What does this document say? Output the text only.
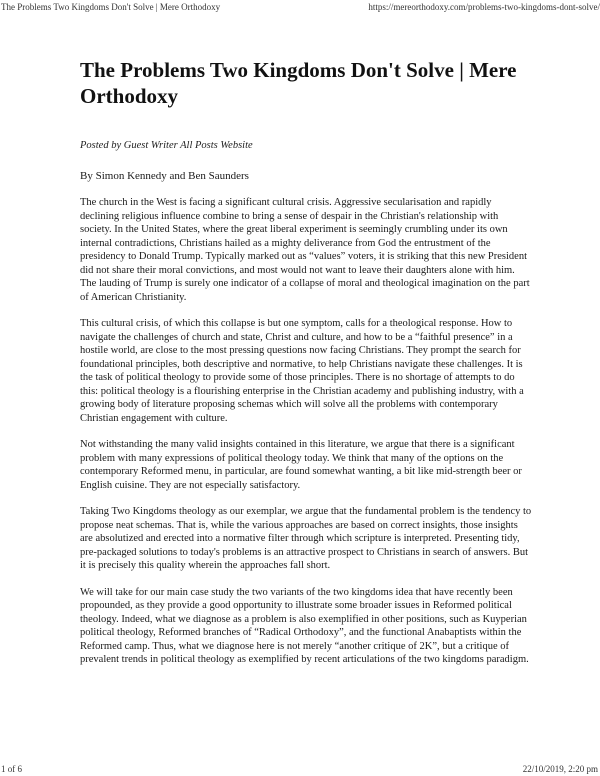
The Problems Two Kingdoms Don't Solve | Mere Orthodoxy	https://mereorthodoxy.com/problems-two-kingdoms-dont-solve/
The Problems Two Kingdoms Don't Solve | Mere Orthodoxy
Posted by Guest Writer All Posts Website
By Simon Kennedy and Ben Saunders

The church in the West is facing a significant cultural crisis. Aggressive secularisation and rapidly declining religious influence combine to bring a sense of despair in the Christian's relationship with society. In the United States, where the great liberal experiment is seemingly crumbling under its own internal contradictions, Christians hailed as a mighty deliverance from God the entrustment of the presidency to Donald Trump. Typically marked out as “values” voters, it is striking that this new President did not share their moral convictions, and most would not want to leave their daughters alone with him. The lauding of Trump is surely one indicator of a collapse of moral and theological imagination on the part of American Christianity.

This cultural crisis, of which this collapse is but one symptom, calls for a theological response. How to navigate the challenges of church and state, Christ and culture, and how to be a “faithful presence” in a hostile world, are close to the most pressing questions now facing Christians. They prompt the search for foundational principles, both descriptive and normative, to help Christians navigate these challenges. It is the task of political theology to provide some of those principles. There is no shortage of attempts to do this: political theology is a flourishing enterprise in the Christian academy and publishing industry, with a growing body of literature proposing schemas which will solve all the problems with contemporary Christian engagement with culture.

Not withstanding the many valid insights contained in this literature, we argue that there is a significant problem with many expressions of political theology today. We think that many of the options on the contemporary Reformed menu, in particular, are found somewhat wanting, a bit like mid-strength beer or English cuisine. They are not especially satisfactory.

Taking Two Kingdoms theology as our exemplar, we argue that the fundamental problem is the tendency to propose neat schemas. That is, while the various approaches are based on correct insights, those insights are absolutized and erected into a normative filter through which scripture is interpreted. Presenting tidy, pre-packaged solutions to today's problems is an attractive prospect to Christians in search of answers. But it is precisely this quality wherein the approaches fall short.

We will take for our main case study the two variants of the two kingdoms idea that have recently been propounded, as they provide a good opportunity to illustrate some broader issues in Reformed political theology. Indeed, what we diagnose as a problem is also exemplified in other positions, such as Kuyperian political theology, Reformed branches of “Radical Orthodoxy”, and the functional Anabaptists within the Reformed camp. Thus, what we diagnose here is not merely “another critique of 2K”, but a critique of prevalent trends in political theology as exemplified by recent articulations of the two kingdoms paradigm.

1 of 6	22/10/2019, 2:20 pm
